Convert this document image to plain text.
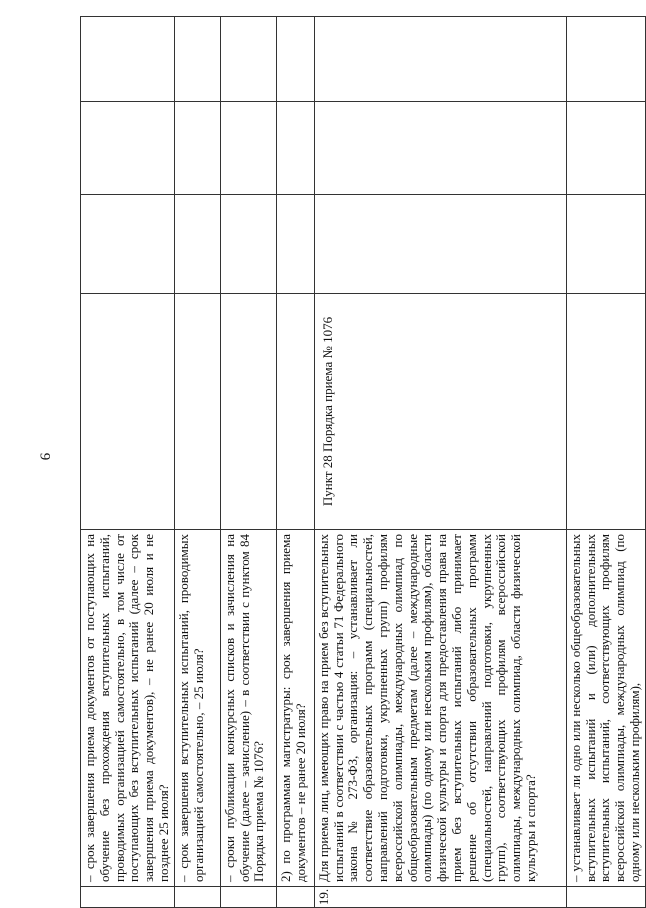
9
	– срок завершения приема документов от поступающих на обучение без прохождения вступительных испытаний, проводимых организацией самостоятельно, в том числе от поступающих без вступительных испытаний (далее – срок завершения приема документов), – не ранее 20 июля и не позднее 25 июля?				
	– срок завершения вступительных испытаний, проводимых организацией самостоятельно, – 25 июля?				
	– сроки публикации конкурсных списков и зачисления на обучение (далее – зачисление) – в соответствии с пунктом 84 Порядка приема № 1076?				
	2) по программам магистратуры: срок завершения приема документов – не ранее 20 июля?				
19.	Для приема лиц, имеющих право на прием без вступительных испытаний в соответствии с частью 4 статьи 71 Федерального закона № 273-ФЗ, организация: – устанавливает ли соответствие образовательных программ (специальностей, направлений подготовки, укрупненных групп) профилям всероссийской олимпиады, международных олимпиад по общеобразовательным предметам (далее – международные олимпиады) (по одному или нескольким профилям), области физической культуры и спорта для предоставления права на прием без вступительных испытаний либо принимает решение об отсутствии образовательных программ (специальностей, направлений подготовки, укрупненных групп), соответствующих профилям всероссийской олимпиады, международных олимпиад, области физической культуры и спорта?	Пункт 28 Порядка приема № 1076			
	– устанавливает ли одно или несколько общеобразовательных вступительных испытаний и (или) дополнительных вступительных испытаний, соответствующих профилям всероссийской олимпиады, международных олимпиад (по одному или нескольким профилям),				
